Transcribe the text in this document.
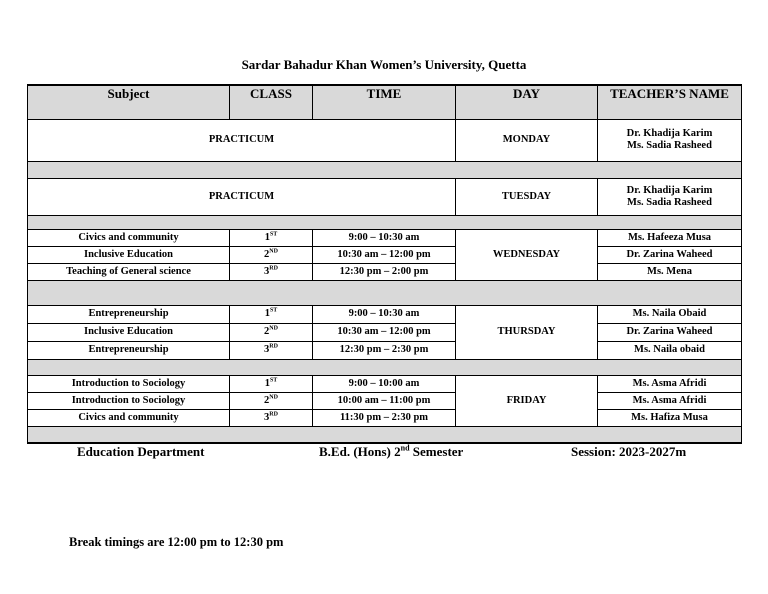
Sardar Bahadur Khan Women’s University, Quetta
Subject	CLASS	TIME	DAY	TEACHER’S NAME
PRACTICUM			MONDAY	Dr. Khadija Karim
Ms. Sadia Rasheed

PRACTICUM			TUESDAY	Dr. Khadija Karim
Ms. Sadia Rasheed

Civics and community	1ST	9:00 – 10:30 am	WEDNESDAY	Ms. Hafeeza Musa
Inclusive Education	2ND	10:30 am – 12:00 pm		Dr. Zarina Waheed
Teaching of General science	3RD	12:30 pm – 2:00 pm		Ms. Mena

Entrepreneurship	1ST	9:00 – 10:30 am	THURSDAY	Ms. Naila Obaid
Inclusive Education	2ND	10:30 am – 12:00 pm		Dr. Zarina Waheed
Entrepreneurship	3RD	12:30 pm – 2:30 pm		Ms. Naila obaid

Introduction to Sociology	1ST	9:00 – 10:00 am	FRIDAY	Ms. Asma Afridi
Introduction to Sociology	2ND	10:00 am – 11:00 pm		Ms. Asma Afridi
Civics and community	3RD	11:30 pm – 2:30 pm		Ms. Hafiza Musa

Education Department	B.Ed. (Hons) 2nd Semester	Session: 2023-2027m
Break timings are 12:00 pm to 12:30 pm
